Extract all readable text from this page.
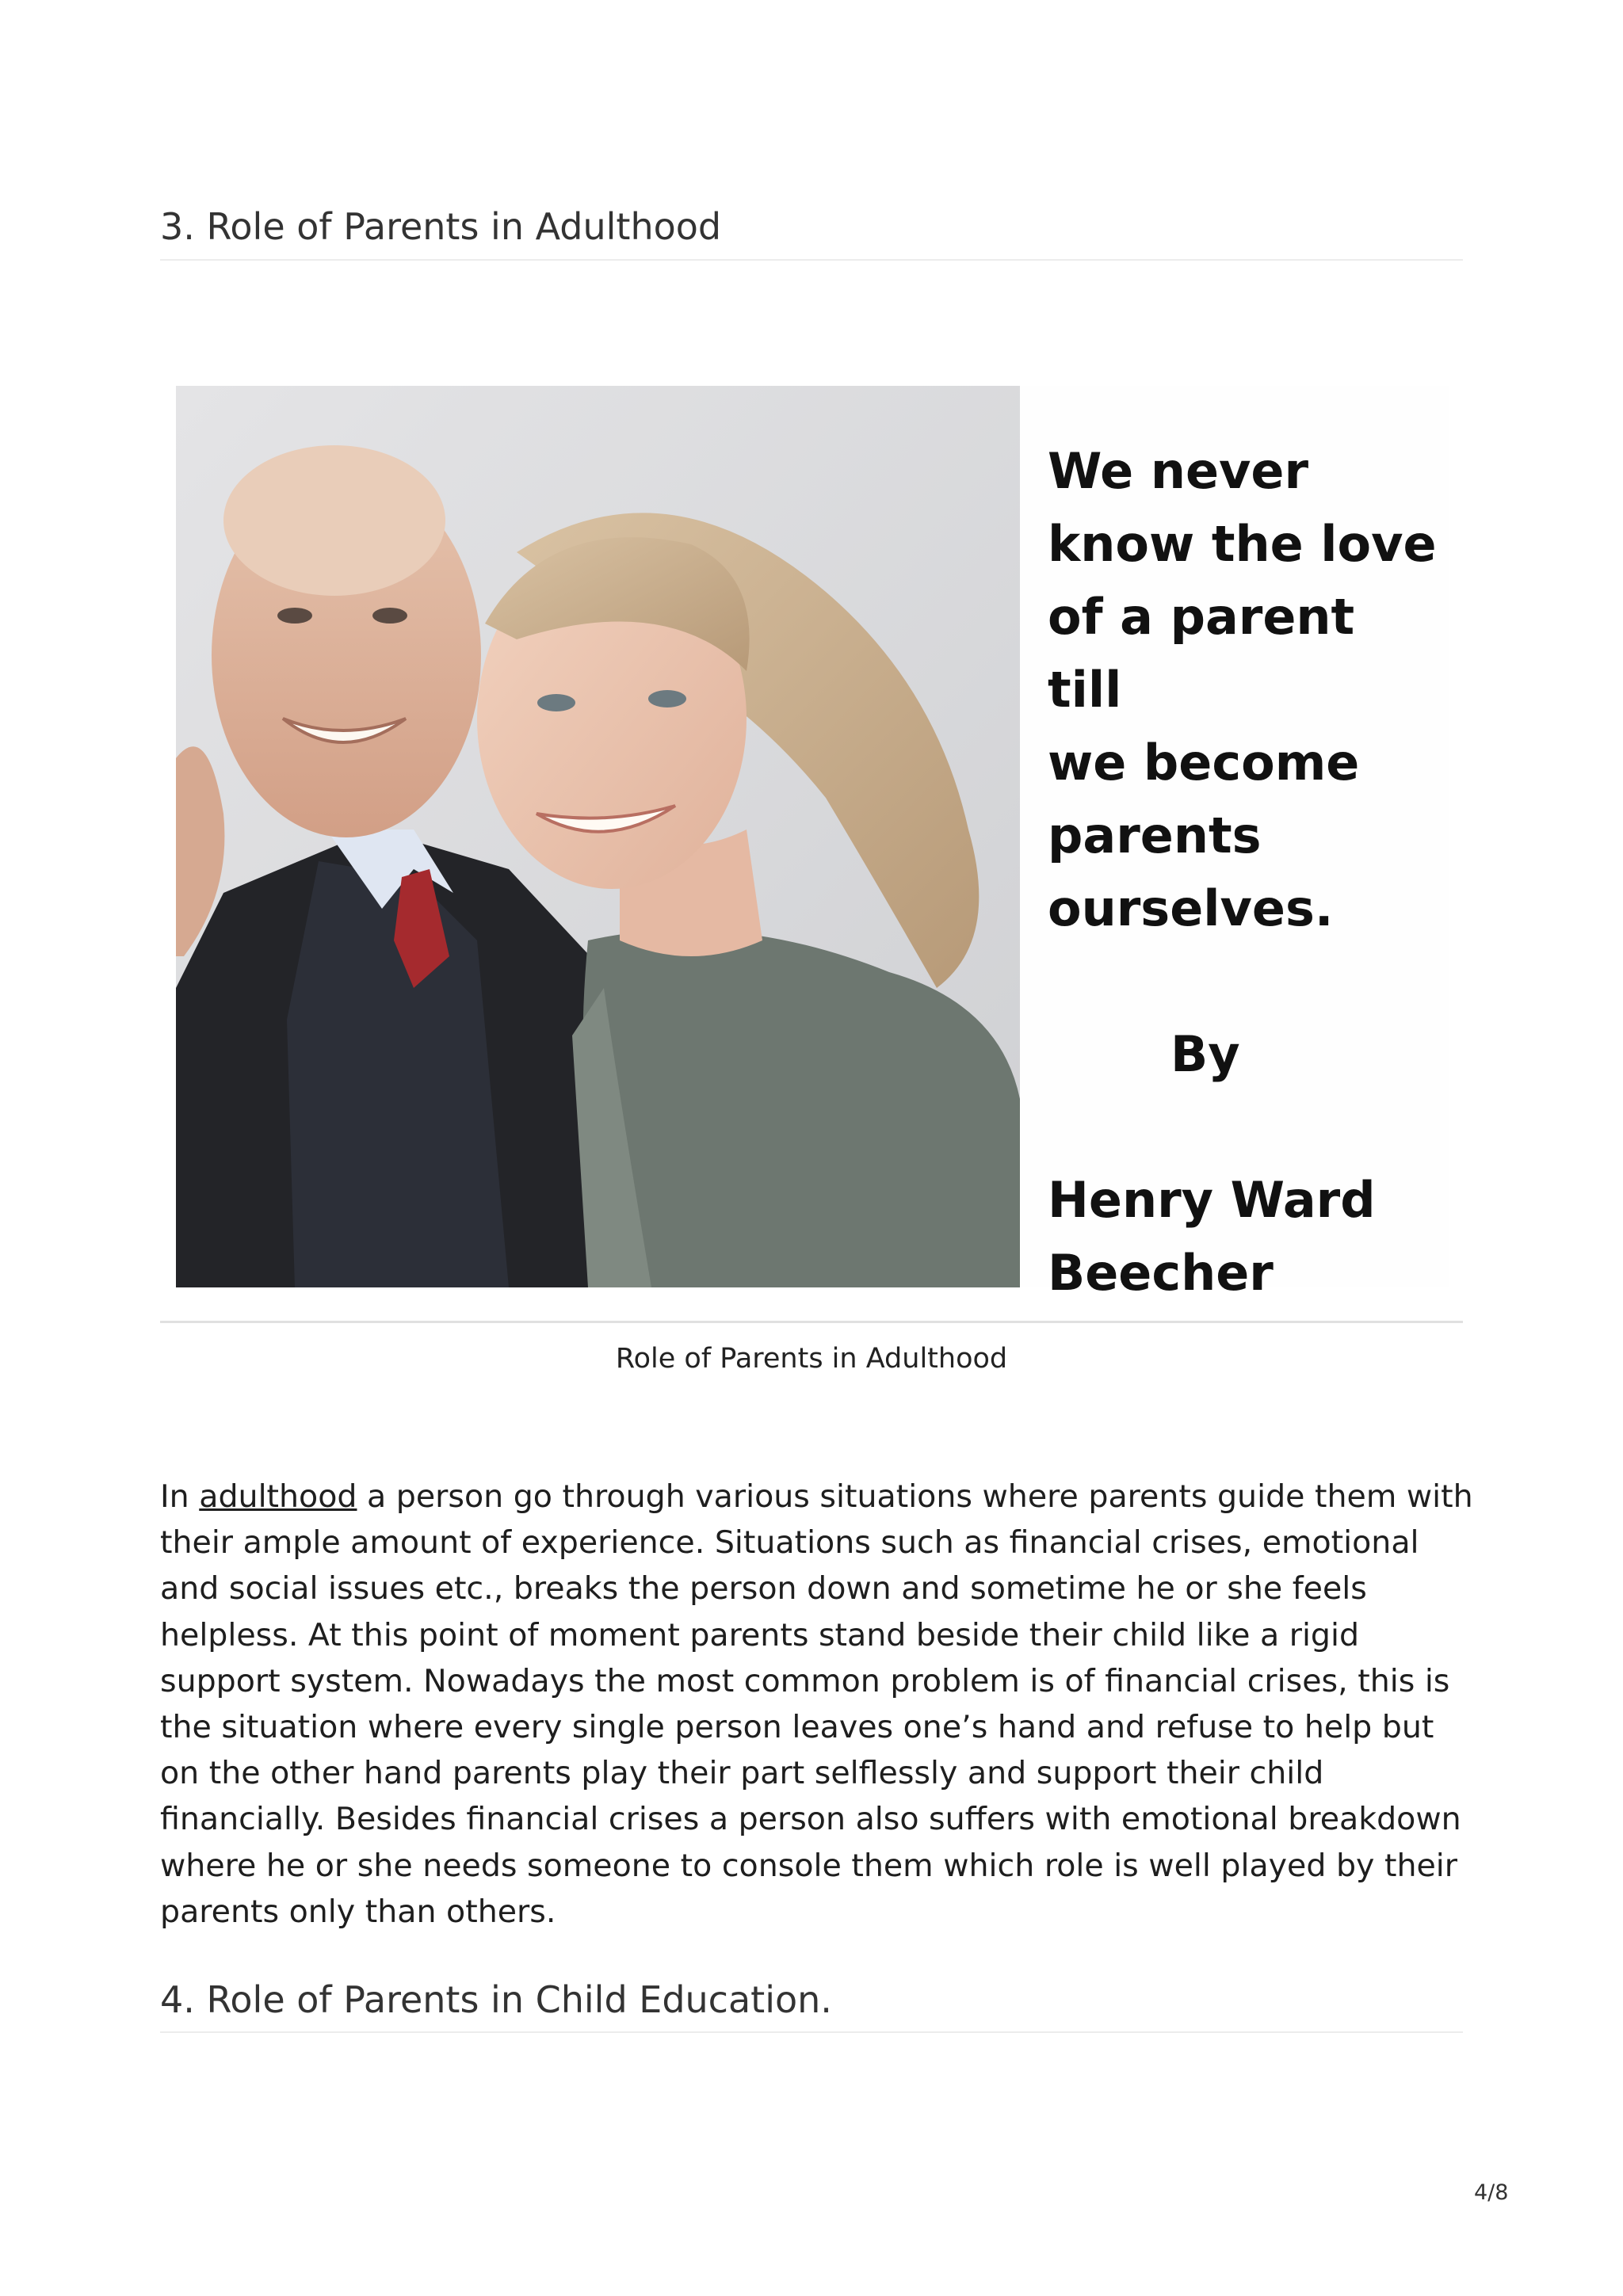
3. Role of Parents in Adulthood
We never
know the love
of a parent till
we become
parents
ourselves.
By
Henry Ward
Beecher
Role of Parents in Adulthood

In adulthood a person go through various situations where parents guide them with their ample amount of experience. Situations such as financial crises, emotional and social issues etc., breaks the person down and sometime he or she feels helpless. At this point of moment parents stand beside their child like a rigid support system. Nowadays the most common problem is of financial crises, this is the situation where every single person leaves one’s hand and refuse to help but on the other hand parents play their part selflessly and support their child financially. Besides financial crises a person also suffers with emotional breakdown where he or she needs someone to console them which role is well played by their parents only than others.

4. Role of Parents in Child Education.
4/8
